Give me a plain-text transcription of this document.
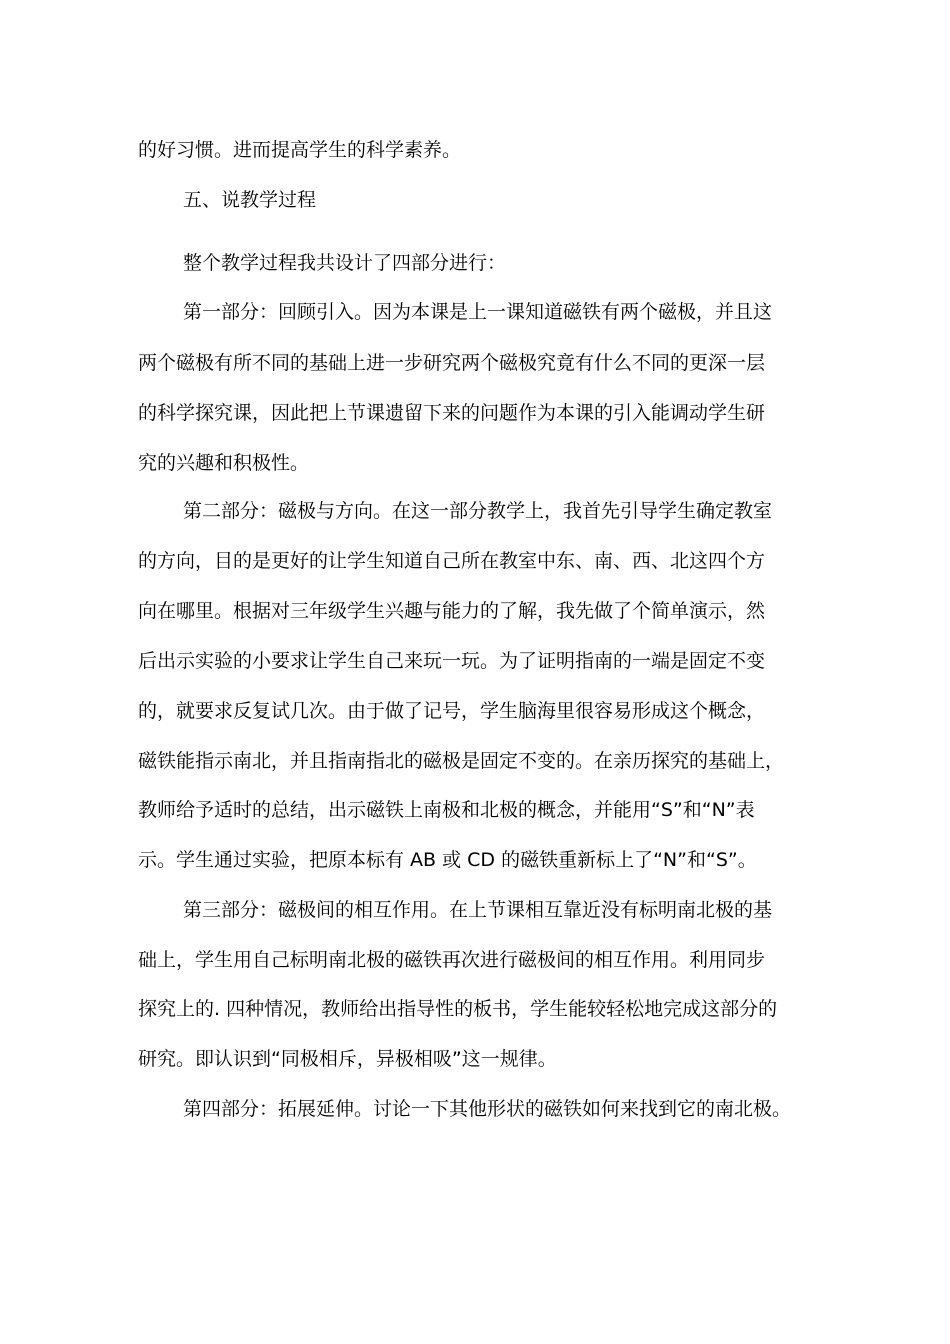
的好习惯。进而提高学生的科学素养。
五、说教学过程
整个教学过程我共设计了四部分进行：
第一部分：回顾引入。因为本课是上一课知道磁铁有两个磁极，并且这
两个磁极有所不同的基础上进一步研究两个磁极究竟有什么不同的更深一层
的科学探究课，因此把上节课遗留下来的问题作为本课的引入能调动学生研
究的兴趣和积极性。
第二部分：磁极与方向。在这一部分教学上，我首先引导学生确定教室
的方向，目的是更好的让学生知道自己所在教室中东、南、西、北这四个方
向在哪里。根据对三年级学生兴趣与能力的了解，我先做了个简单演示，然
后出示实验的小要求让学生自己来玩一玩。为了证明指南的一端是固定不变
的，就要求反复试几次。由于做了记号，学生脑海里很容易形成这个概念，
磁铁能指示南北，并且指南指北的磁极是固定不变的。在亲历探究的基础上，
教师给予适时的总结，出示磁铁上南极和北极的概念，并能用“S”和“N”表
示。学生通过实验，把原本标有 AB 或 CD 的磁铁重新标上了“N”和“S”。
第三部分：磁极间的相互作用。在上节课相互靠近没有标明南北极的基
础上，学生用自己标明南北极的磁铁再次进行磁极间的相互作用。利用同步
探究上的. 四种情况，教师给出指导性的板书，学生能较轻松地完成这部分的
研究。即认识到“同极相斥，异极相吸”这一规律。
第四部分：拓展延伸。讨论一下其他形状的磁铁如何来找到它的南北极。
